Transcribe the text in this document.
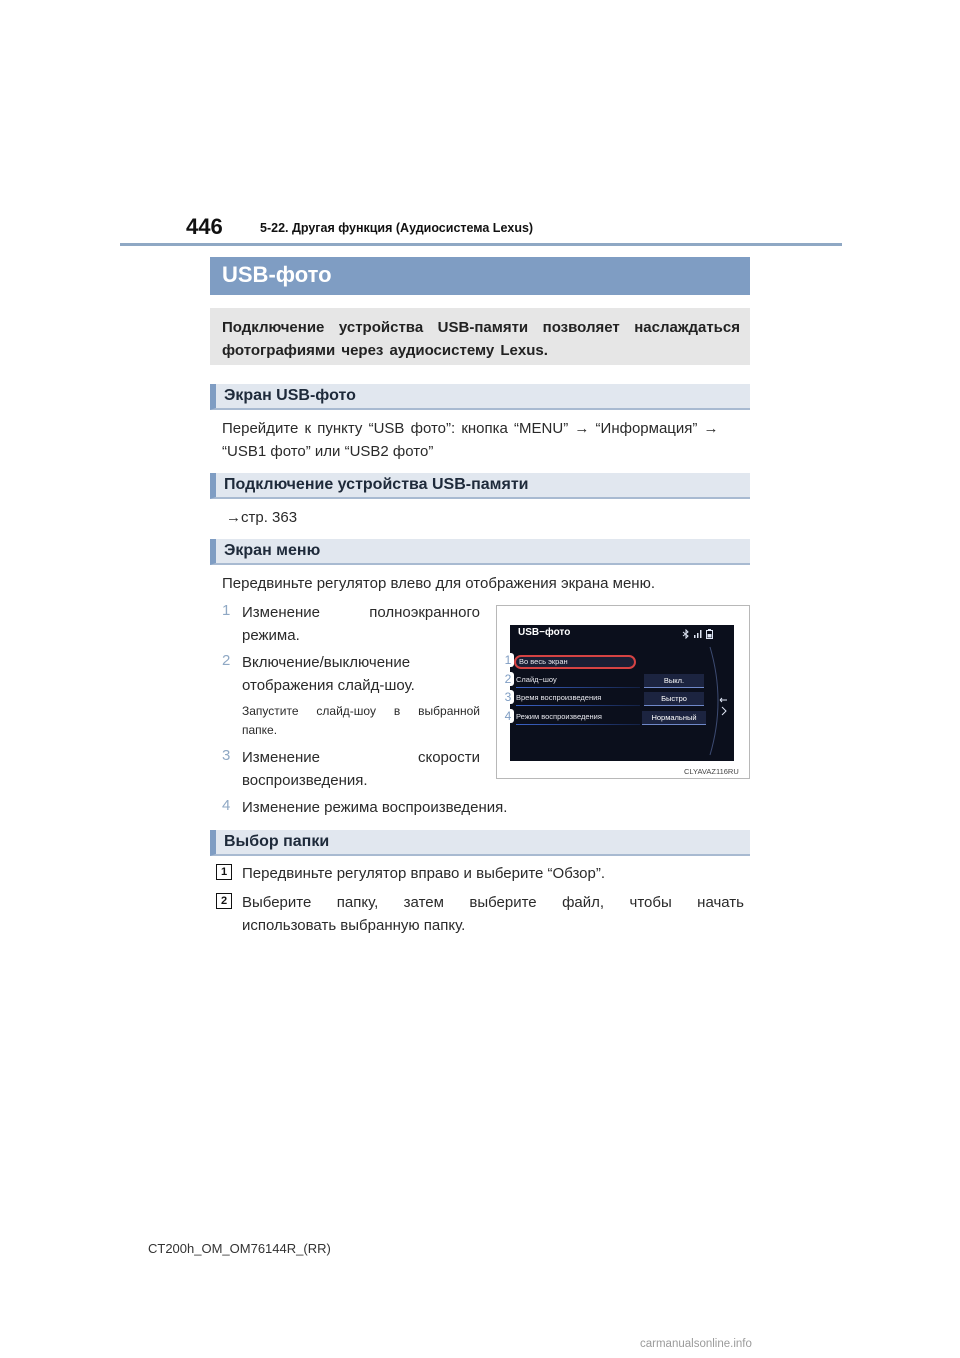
446	5-22. Другая функция (Аудиосистема Lexus)
USB-фото
Подключение устройства USB-памяти позволяет наслаждаться фотографиями через аудиосистему Lexus.
Экран USB-фото
Перейдите к пункту “USB фото”: кнопка “MENU” → “Информация” →
“USB1 фото” или “USB2 фото”
Подключение устройства USB-памяти
→стр. 363
Экран меню
Передвиньте регулятор влево для отображения экрана меню.
1 Изменение полноэкранного
режима.
2 Включение/выключение
отображения слайд-шоу.
Запустите слайд-шоу в выбранной
папке.
3 Изменение скорости
воспроизведения.
4 Изменение режима воспроизведения.
USB−фото
Во весь экран
Слайд−шоу
Время воспроизведения
Режим воспроизведения
Выкл.
Быстро
Нормальный
1
2
3
4
CLYAVAZ116RU
Выбор папки
1 Передвиньте регулятор вправо и выберите “Обзор”.
2 Выберите папку, затем выберите файл, чтобы начать
использовать выбранную папку.
CT200h_OM_OM76144R_(RR)
carmanualsonline.info
